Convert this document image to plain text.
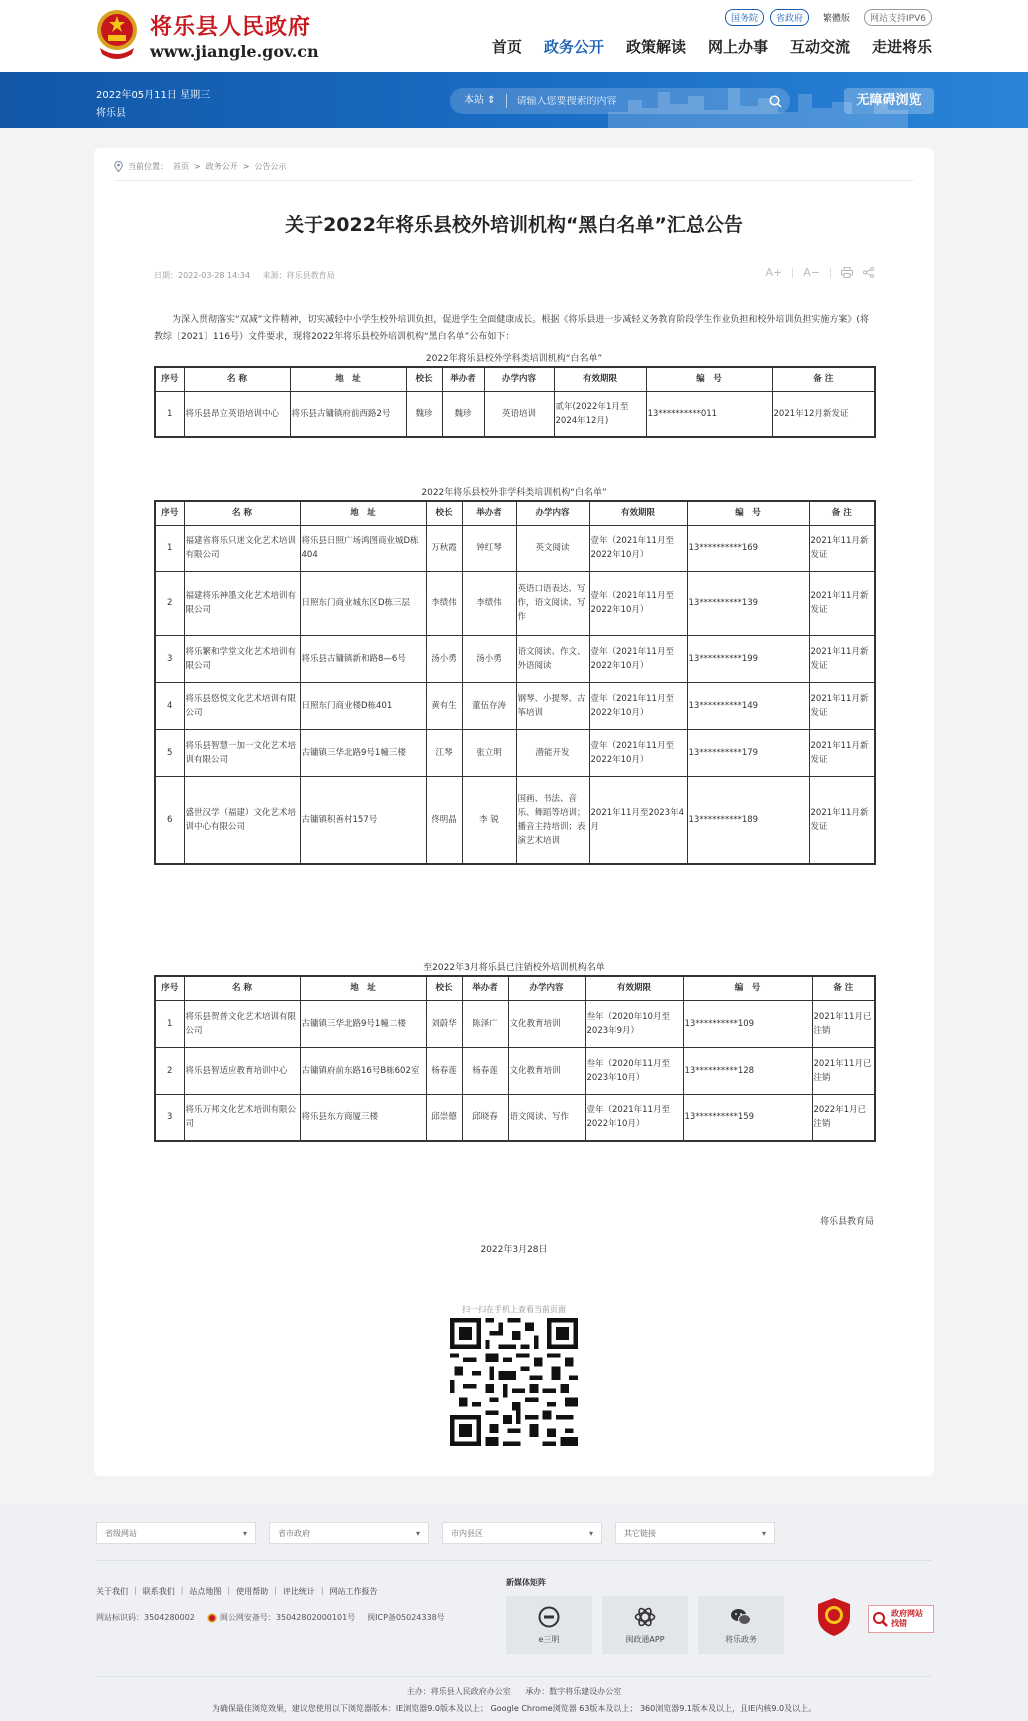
将乐县人民政府
www.jiangle.gov.cn
国务院	省政府	繁體版	网站支持IPV6
首页 政务公开 政策解读 网上办事 互动交流 走进将乐
2022年05月11日 星期三
将乐县
本站 ⇕
请输入您要搜索的内容	无障碍浏览
当前位置： 首页 > 政务公开 > 公告公示
关于2022年将乐县校外培训机构“黑白名单”汇总公告
日期：2022-03-28 14:34 来源：将乐县教育局	A+ A−

为深入贯彻落实“双减”文件精神，切实减轻中小学生校外培训负担，促进学生全面健康成长。根据《将乐县进一步减轻义务教育阶段学生作业负担和校外培训负担实施方案》(将教综〔2021〕116号）文件要求，现将2022年将乐县校外培训机构“黑白名单”公布如下：

2022年将乐县校外学科类培训机构“白名单”
序号	名 称	地　址	校长	举办者	办学内容	有效期限	编　号	备 注
1	将乐县昂立英语培训中心	将乐县古镛镇府前西路2号	魏珍	魏珍	英语培训	贰年(2022年1月至2024年12月)	13**********011	2021年12月新发证
2022年将乐县校外非学科类培训机构“白名单”
序号	名 称	地　址	校长	举办者	办学内容	有效期限	编　号	备 注
1	福建省将乐只迷文化艺术培训有限公司	将乐县日照广场鸿图商业城D栋404	万秋霞	钟红琴	英文阅读	壹年（2021年11月至2022年10月）	13**********169	2021年11月新发证
2	福建将乐神墨文化艺术培训有限公司	日照东门商业城东区D栋三层	李绩伟	李绩伟	英语口语表达、写作，语文阅读、写作	壹年（2021年11月至2022年10月）	13**********139	2021年11月新发证
3	将乐繁和学堂文化艺术培训有限公司	将乐县古镛镇新和路8—6号	汤小勇	汤小勇	语文阅读、作文、外语阅读	壹年（2021年11月至2022年10月）	13**********199	2021年11月新发证
4	将乐县悠悦文化艺术培训有限公司	日照东门商业楼D栋401	黄有生	董伍存涛	钢琴、小提琴、古筝培训	壹年（2021年11月至2022年10月）	13**********149	2021年11月新发证
5	将乐县智慧一加一文化艺术培训有限公司	古镛镇三华北路9号1幢三楼	江琴	张立明	潜能开发	壹年（2021年11月至2022年10月）	13**********179	2021年11月新发证
6	盛世汉学（福建）文化艺术培训中心有限公司	古镛镇积善村157号	佟明晶	李 锐	国画、书法、音乐、舞蹈等培训；播音主持培训；表演艺术培训	2021年11月至2023年4月	13**********189	2021年11月新发证
至2022年3月将乐县已注销校外培训机构名单
序号	名 称	地　址	校长	举办者	办学内容	有效期限	编　号	备 注
1	将乐县贺普文化艺术培训有限公司	古镛镇三华北路9号1幢二楼	刘蔚华	陈泽广	文化教育培训	叁年（2020年10月至2023年9月）	13**********109	2021年11月已注销
2	将乐县智适应教育培训中心	古镛镇府前东路16号B栋602室	杨春莲	杨春莲	文化教育培训	叁年（2020年11月至2023年10月）	13**********128	2021年11月已注销
3	将乐万邦文化艺术培训有限公司	将乐县东方商厦三楼	邱崇德	邱晓春	语文阅读、写作	壹年（2021年11月至2022年10月）	13**********159	2022年1月已注销
将乐县教育局
2022年3月28日
扫一扫在手机上查看当前页面
省级网站	▾	省市政府	▾	市内县区	▾	其它链接	▾
关于我们 | 联系我们 | 站点地图 | 使用帮助 | 评比统计 | 网站工作报告
网站标识码：3504280002	闽公网安备号：35042802000101号 闽ICP备05024338号
新媒体矩阵
e三明	闽政通APP	将乐政务
政府网站
找错
主办：将乐县人民政府办公室 承办：数字将乐建设办公室
为确保最佳浏览效果，建议您使用以下浏览器版本：IE浏览器9.0版本及以上； Google Chrome浏览器 63版本及以上； 360浏览器9.1版本及以上，且IE内核9.0及以上。
